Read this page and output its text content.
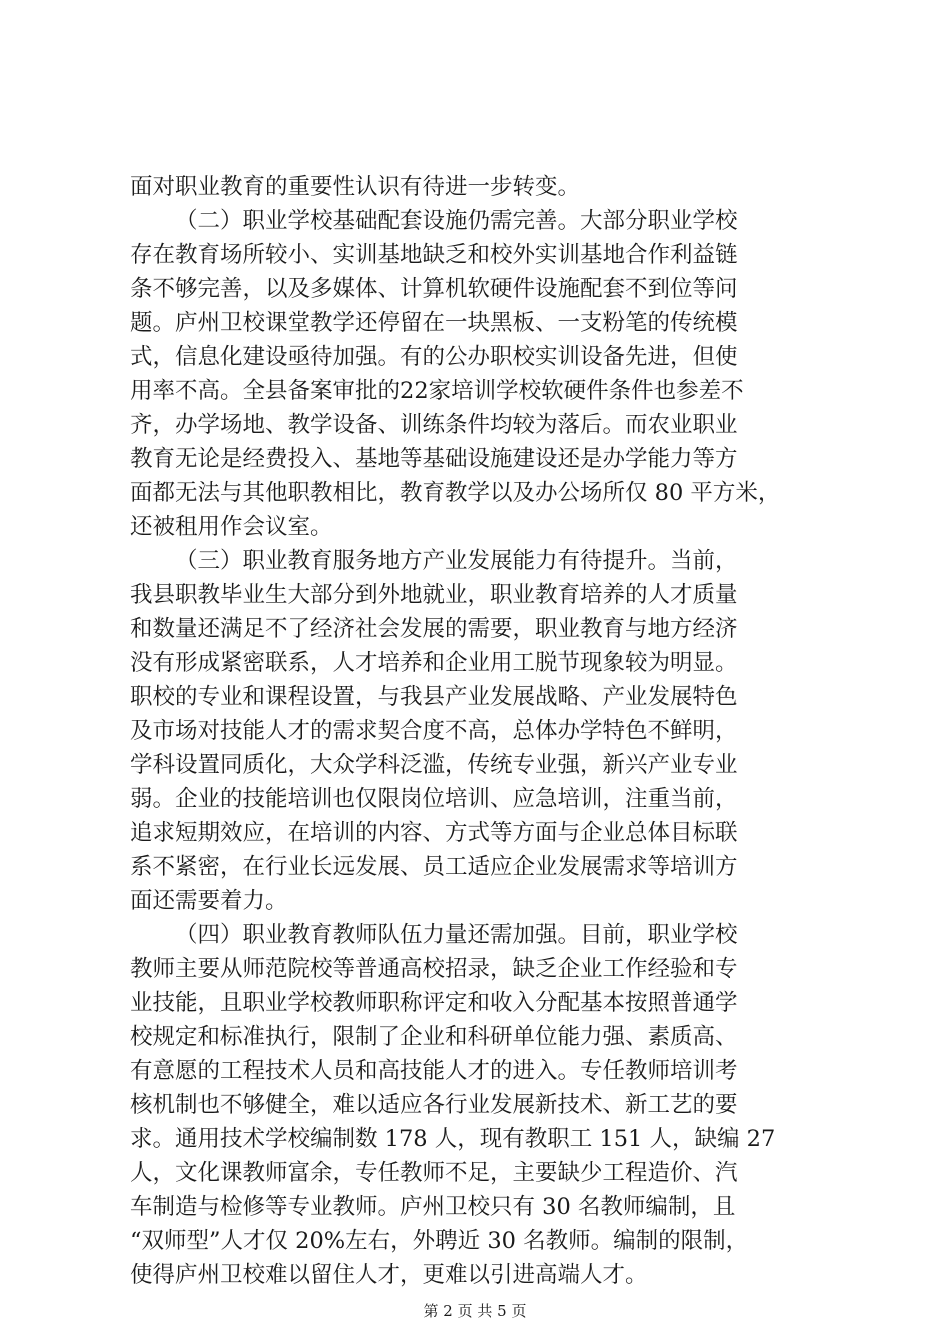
面对职业教育的重要性认识有待进一步转变。
（二）职业学校基础配套设施仍需完善。大部分职业学校
存在教育场所较小、实训基地缺乏和校外实训基地合作利益链
条不够完善，以及多媒体、计算机软硬件设施配套不到位等问
题。庐州卫校课堂教学还停留在一块黑板、一支粉笔的传统模
式，信息化建设亟待加强。有的公办职校实训设备先进，但使
用率不高。全县备案审批的22家培训学校软硬件条件也参差不
齐，办学场地、教学设备、训练条件均较为落后。而农业职业
教育无论是经费投入、基地等基础设施建设还是办学能力等方
面都无法与其他职教相比，教育教学以及办公场所仅 80 平方米，
还被租用作会议室。
（三）职业教育服务地方产业发展能力有待提升。当前，
我县职教毕业生大部分到外地就业，职业教育培养的人才质量
和数量还满足不了经济社会发展的需要，职业教育与地方经济
没有形成紧密联系，人才培养和企业用工脱节现象较为明显。
职校的专业和课程设置，与我县产业发展战略、产业发展特色
及市场对技能人才的需求契合度不高，总体办学特色不鲜明，
学科设置同质化，大众学科泛滥，传统专业强，新兴产业专业
弱。企业的技能培训也仅限岗位培训、应急培训，注重当前，
追求短期效应，在培训的内容、方式等方面与企业总体目标联
系不紧密，在行业长远发展、员工适应企业发展需求等培训方
面还需要着力。
（四）职业教育教师队伍力量还需加强。目前，职业学校
教师主要从师范院校等普通高校招录，缺乏企业工作经验和专
业技能，且职业学校教师职称评定和收入分配基本按照普通学
校规定和标准执行，限制了企业和科研单位能力强、素质高、
有意愿的工程技术人员和高技能人才的进入。专任教师培训考
核机制也不够健全，难以适应各行业发展新技术、新工艺的要
求。通用技术学校编制数 178 人，现有教职工 151 人，缺编 27
人，文化课教师富余，专任教师不足，主要缺少工程造价、汽
车制造与检修等专业教师。庐州卫校只有 30 名教师编制，且
“双师型”人才仅 20%左右，外聘近 30 名教师。编制的限制，
使得庐州卫校难以留住人才，更难以引进高端人才。
第 2 页 共 5 页
